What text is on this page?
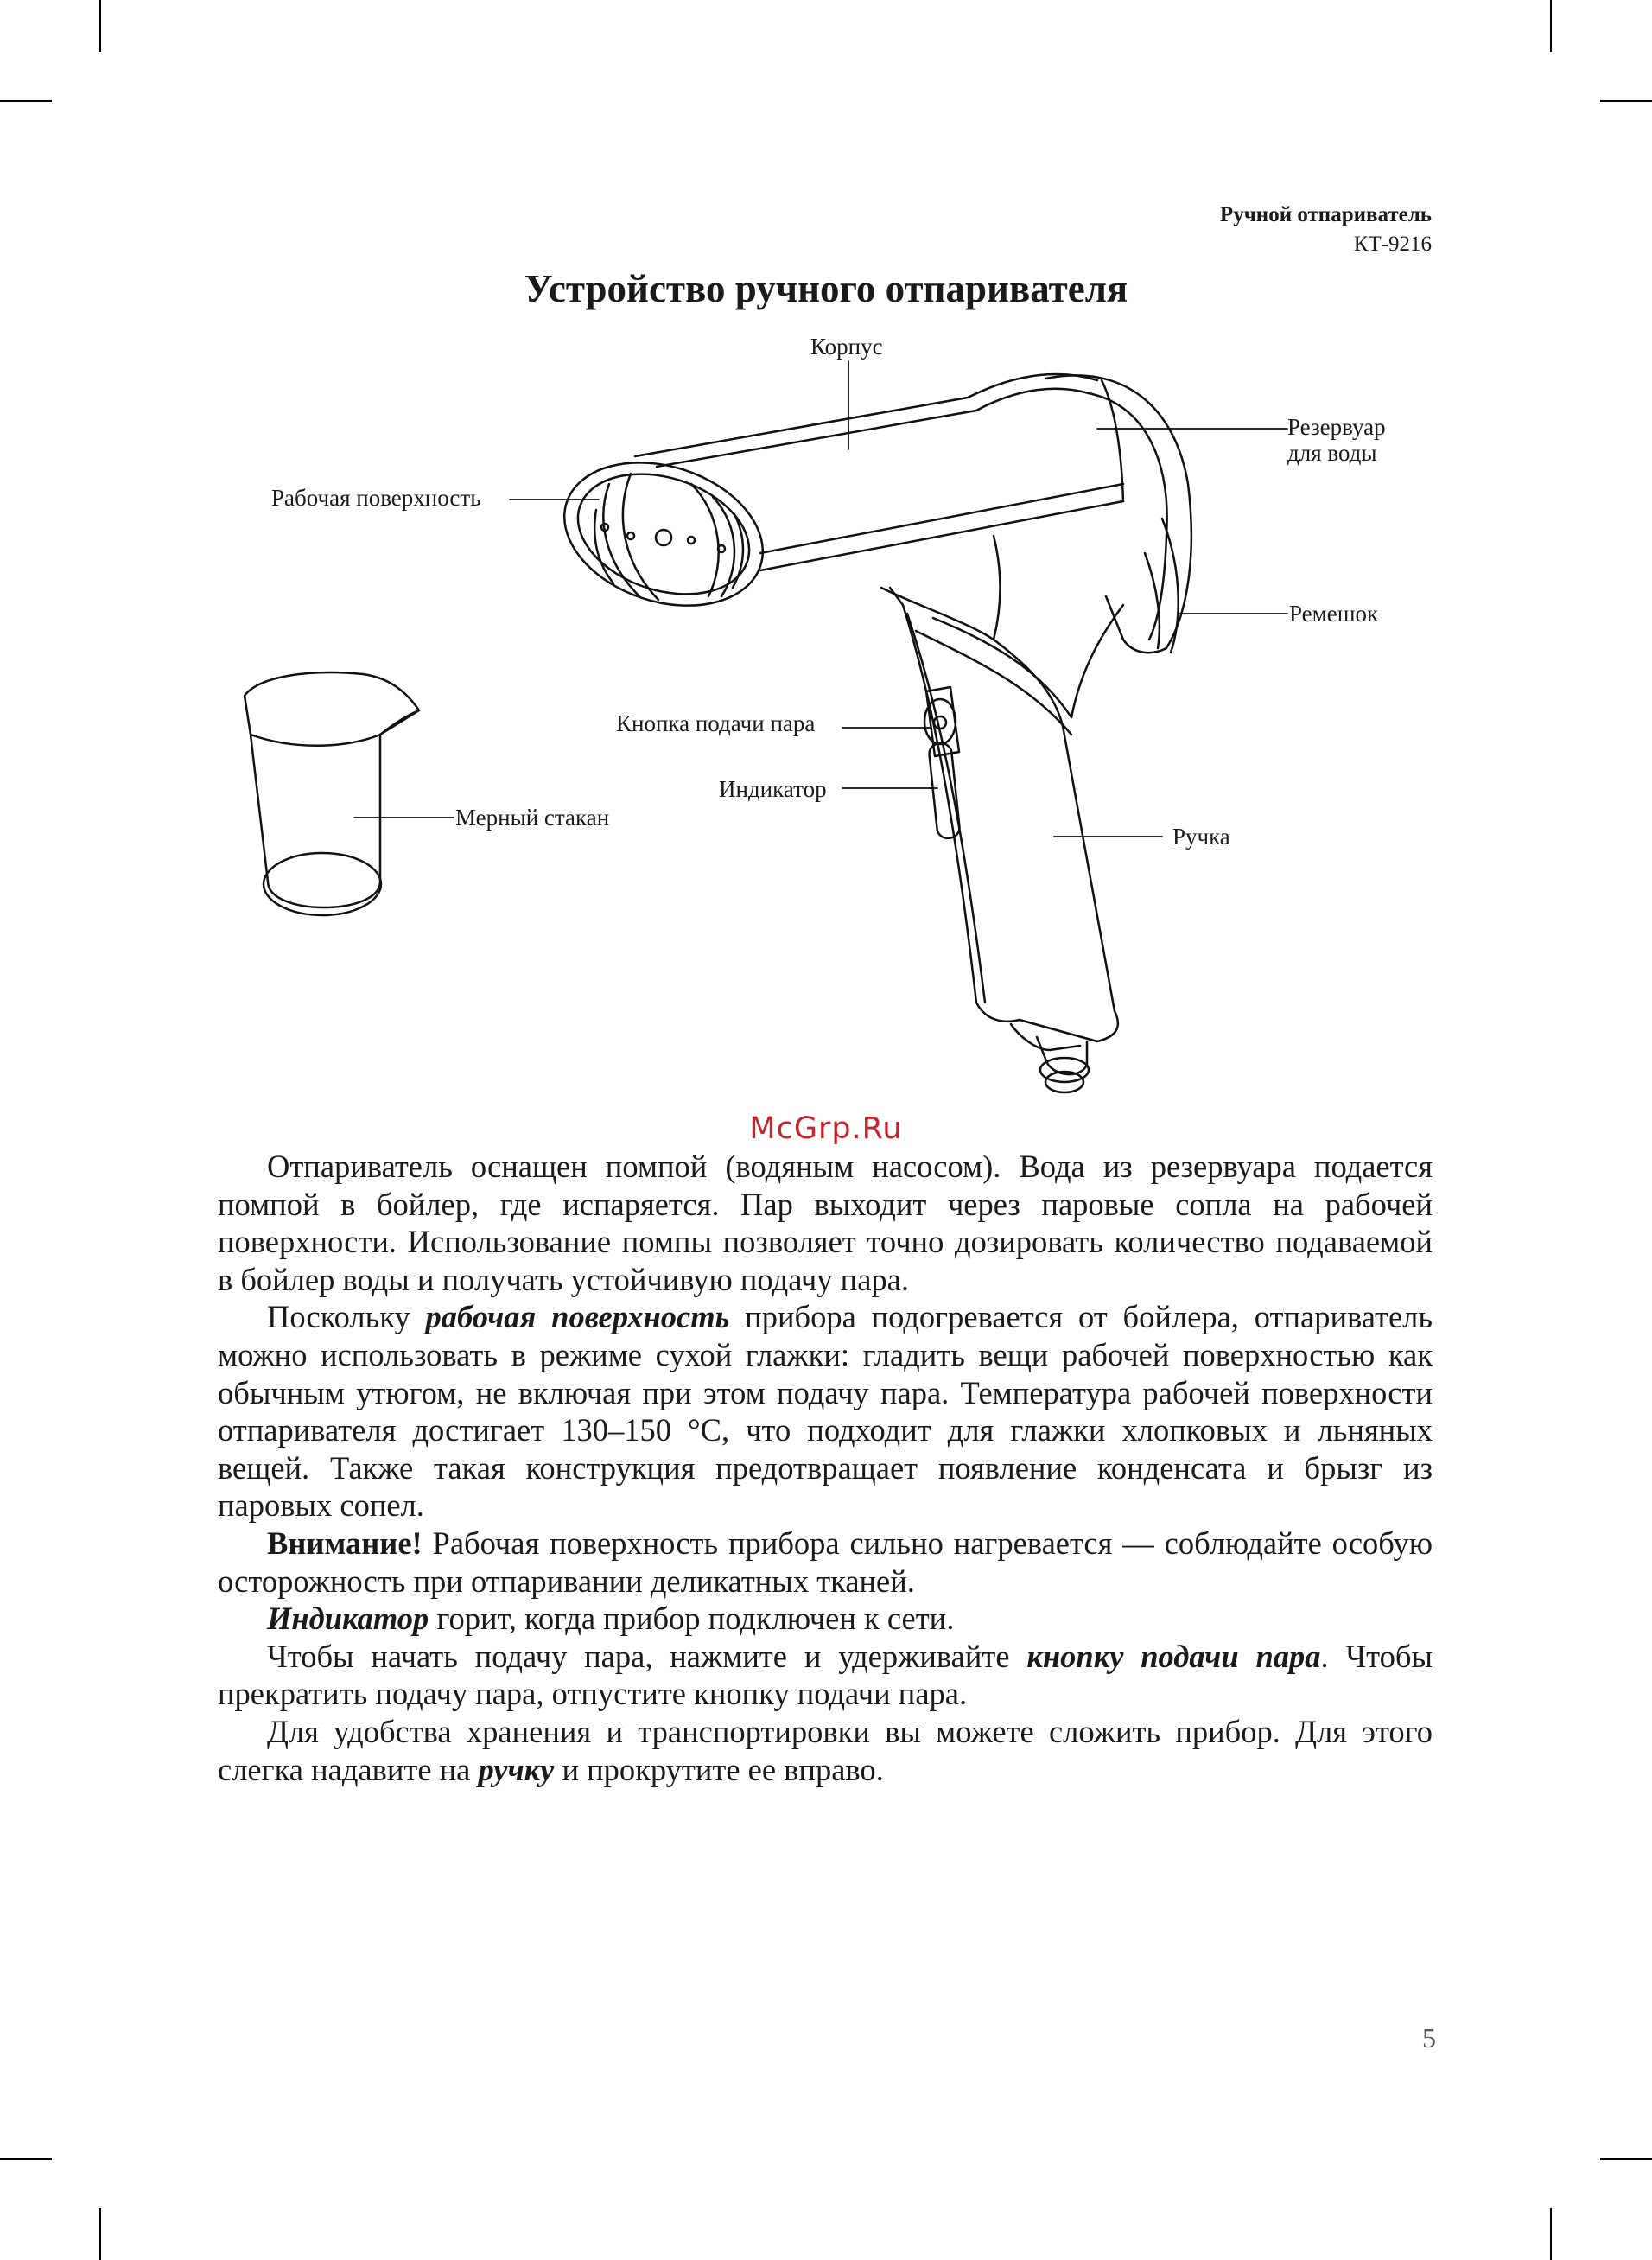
Ручной отпариватель
КТ-9216
Устройство ручного отпаривателя
Корпус
Резервуар
для воды
Рабочая поверхность
Ремешок
Кнопка подачи пара
Индикатор
Мерный стакан
Ручка
McGrp.Ru

Отпариватель оснащен помпой (водяным насосом). Вода из резервуара подается помпой в бойлер, где испаряется. Пар выходит через паровые сопла на рабочей поверхности. Использование помпы позволяет точно дозировать количество подаваемой в бойлер воды и получать устойчивую подачу пара.

Поскольку рабочая поверхность прибора подогревается от бойлера, отпариватель можно использовать в режиме сухой глажки: гладить вещи рабочей поверхностью как обычным утюгом, не включая при этом подачу пара. Температура рабочей поверхности отпаривателя достигает 130–150 °С, что подходит для глажки хлопковых и льняных вещей. Также такая конструкция предотвращает появление конденсата и брызг из паровых сопел.

Внимание! Рабочая поверхность прибора сильно нагревается — соблюдайте особую осторожность при отпаривании деликатных тканей.

Индикатор горит, когда прибор подключен к сети.

Чтобы начать подачу пара, нажмите и удерживайте кнопку подачи пара. Чтобы прекратить подачу пара, отпустите кнопку подачи пара.

Для удобства хранения и транспортировки вы можете сложить прибор. Для этого слегка надавите на ручку и прокрутите ее вправо.

5
